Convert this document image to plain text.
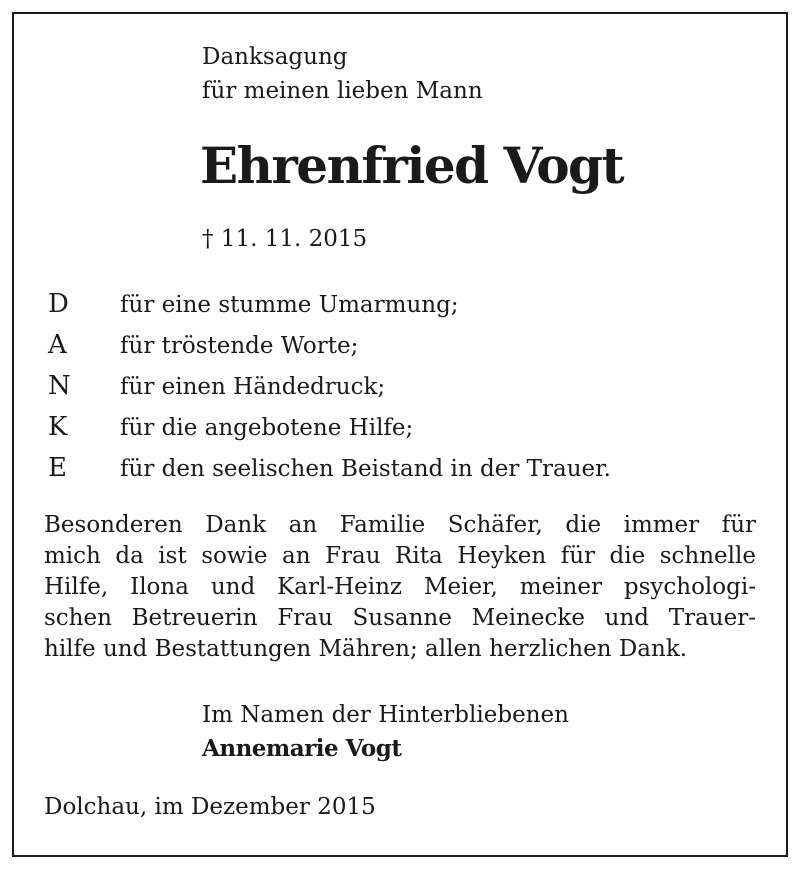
Danksagung
für meinen lieben Mann
Ehrenfried Vogt
† 11. 11. 2015
D	für eine stumme Umarmung;
A	für tröstende Worte;
N	für einen Händedruck;
K	für die angebotene Hilfe;
E	für den seelischen Beistand in der Trauer.
Besonderen Dank an Familie Schäfer, die immer für
mich da ist sowie an Frau Rita Heyken für die schnelle
Hilfe, Ilona und Karl-Heinz Meier, meiner psychologi-
schen Betreuerin Frau Susanne Meinecke und Trauer-
hilfe und Bestattungen Mähren; allen herzlichen Dank.
Im Namen der Hinterbliebenen
Annemarie Vogt
Dolchau, im Dezember 2015
